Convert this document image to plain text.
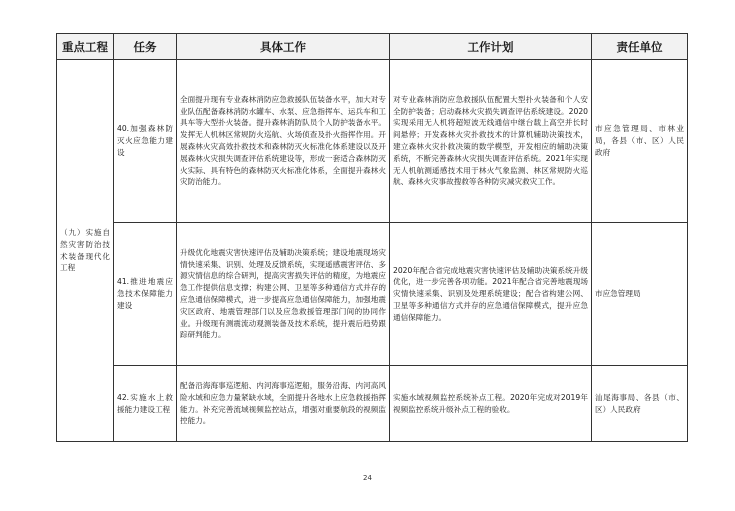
重点工程	任务	具体工作	工作计划	责任单位
（九）实施自然灾害防治技术装备现代化工程	40.加强森林防灭火应急能力建设	全面提升现有专业森林消防应急救援队伍装备水平，加大对专业队伍配备森林消防水罐车、水泵、应急指挥车、运兵车和工具车等大型扑火装备。提升森林消防队员个人防护装备水平。发挥无人机林区常规防火巡航、火场侦查及扑火指挥作用。开展森林火灾高效扑救技术和森林防灭火标准化体系建设以及开展森林火灾损失调查评估系统建设等，形成一套适合森林防灭火实际、具有特色的森林防灭火标准化体系，全面提升森林火灾防治能力。	对专业森林消防应急救援队伍配置大型扑火装备和个人安全防护装备；启动森林火灾损失调查评估系统建设。2020实现采用无人机将超短波无线通信中继台载上高空并长时间悬停；开发森林火灾扑救技术的计算机辅助决策技术，建立森林火灾扑救决策的数学模型，开发相应的辅助决策系统，不断完善森林火灾损失调查评估系统。2021年实现无人机航测遥感技术用于林火气象监测、林区常规防火巡航、森林火灾事故搜救等各种防灾减灾救灾工作。	市应急管理局、市林业局，各县（市、区）人民政府
	41.推进地震应急技术保障能力建设	升级优化地震灾害快速评估及辅助决策系统；建设地震现场灾情快速采集、识别、处理及反馈系统，实现遥感震害评估、多源灾情信息的综合研判，提高灾害损失评估的精度，为地震应急工作提供信息支撑；构建公网、卫星等多种通信方式并存的应急通信保障模式，进一步提高应急通信保障能力，加强地震灾区政府、地震管理部门以及应急救援管理部门间的协同作业。升级现有测震流动观测装备及技术系统，提升震后趋势跟踪研判能力。	2020年配合省完成地震灾害快速评估及辅助决策系统升级优化，进一步完善各项功能。2021年配合省完善地震现场灾情快速采集、识别及处理系统建设；配合省构建公网、卫星等多种通信方式并存的应急通信保障模式，提升应急通信保障能力。	市应急管理局
	42.实施水上救援能力建设工程	配备沿海海事巡逻船、内河海事巡逻船，服务沿海、内河高风险水域和应急力量紧缺水域，全面提升各地水上应急救援指挥能力。补充完善流域视频监控站点，增强对重要航段的视频监控能力。	实施水域视频监控系统补点工程。2020年完成对2019年视频监控系统升级补点工程的验收。	汕尾海事局、各县（市、区）人民政府
24
